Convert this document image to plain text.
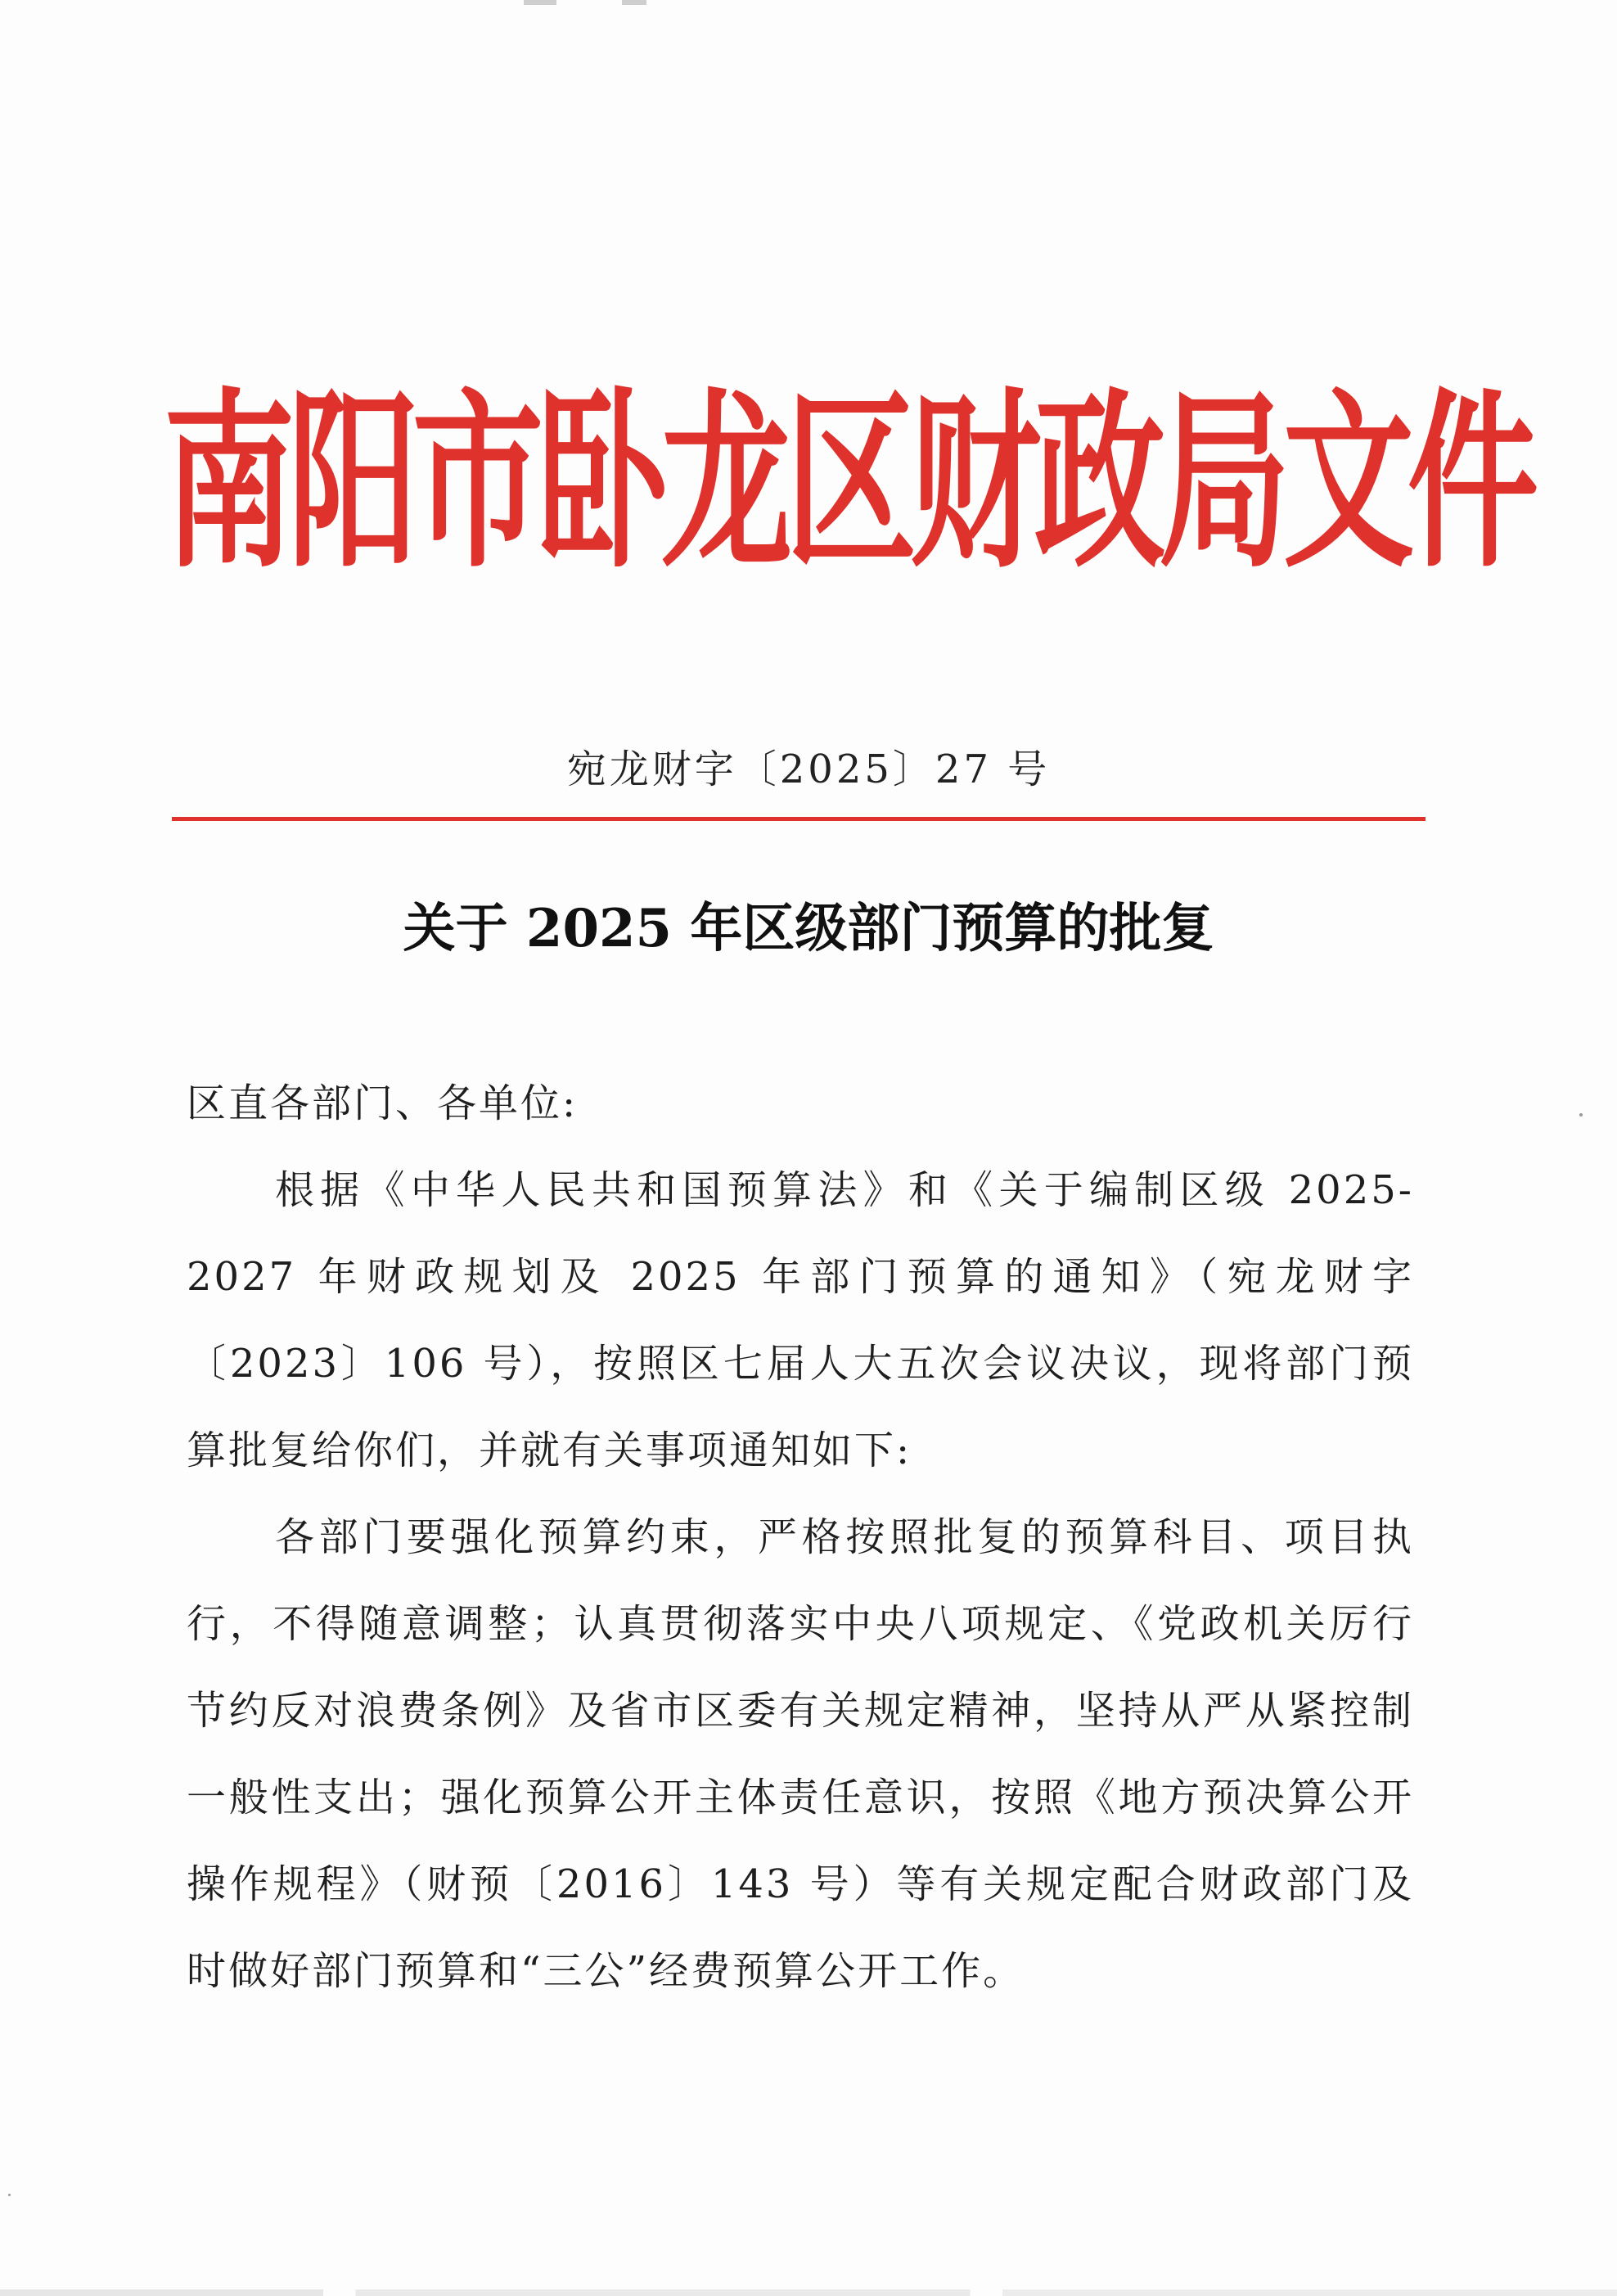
南阳市卧龙区财政局文件
宛龙财字〔2025〕27 号
关于 2025 年区级部门预算的批复

区直各部门、各单位:

根据《中华人民共和国预算法》和《关于编制区级 2025-2027 年财政规划及 2025 年部门预算的通知》（宛龙财字〔2023〕106 号），按照区七届人大五次会议决议，现将部门预算批复给你们，并就有关事项通知如下:

各部门要强化预算约束，严格按照批复的预算科目、项目执行，不得随意调整；认真贯彻落实中央八项规定、《党政机关厉行节约反对浪费条例》及省市区委有关规定精神，坚持从严从紧控制一般性支出；强化预算公开主体责任意识，按照《地方预决算公开操作规程》（财预〔2016〕143 号）等有关规定配合财政部门及时做好部门预算和“三公”经费预算公开工作。
